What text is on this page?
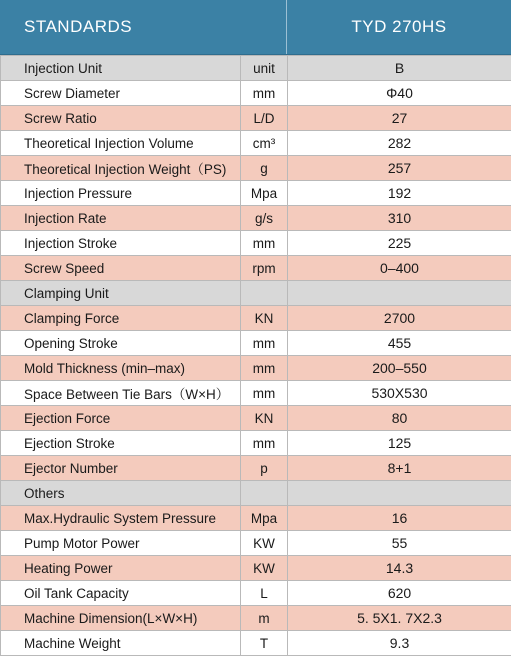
STANDARDS	TYD 270HS
Injection Unit	unit	B
Screw Diameter	mm	Φ40
Screw Ratio	L/D	27
Theoretical Injection Volume	cm³	282
Theoretical Injection Weight（PS)	g	257
Injection Pressure	Mpa	192
Injection Rate	g/s	310
Injection Stroke	mm	225
Screw Speed	rpm	0–400
Clamping Unit		
Clamping Force	KN	2700
Opening Stroke	mm	455
Mold Thickness (min–max)	mm	200–550
Space Between Tie Bars（W×H）	mm	530X530
Ejection Force	KN	80
Ejection Stroke	mm	125
Ejector Number	p	8+1
Others		
Max.Hydraulic System Pressure	Mpa	16
Pump Motor Power	KW	55
Heating Power	KW	14.3
Oil Tank Capacity	L	620
Machine Dimension(L×W×H)	m	5. 5X1. 7X2.3
Machine Weight	T	9.3
